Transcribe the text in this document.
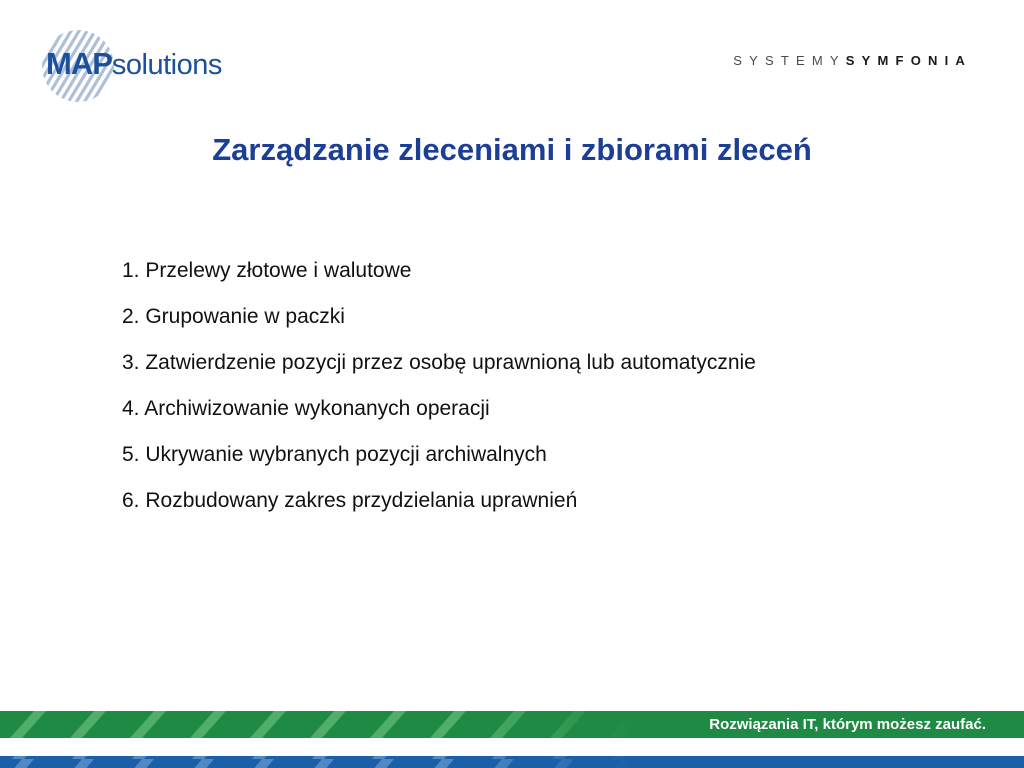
MAPsolutions	SYSTEMYSYMFONIA
Zarządzanie zleceniami i zbiorami zleceń
1. Przelewy złotowe i walutowe
2. Grupowanie w paczki
3. Zatwierdzenie pozycji przez osobę uprawnioną lub automatycznie
4. Archiwizowanie wykonanych operacji
5. Ukrywanie wybranych pozycji archiwalnych
6. Rozbudowany zakres przydzielania uprawnień
Rozwiązania IT, którym możesz zaufać.
